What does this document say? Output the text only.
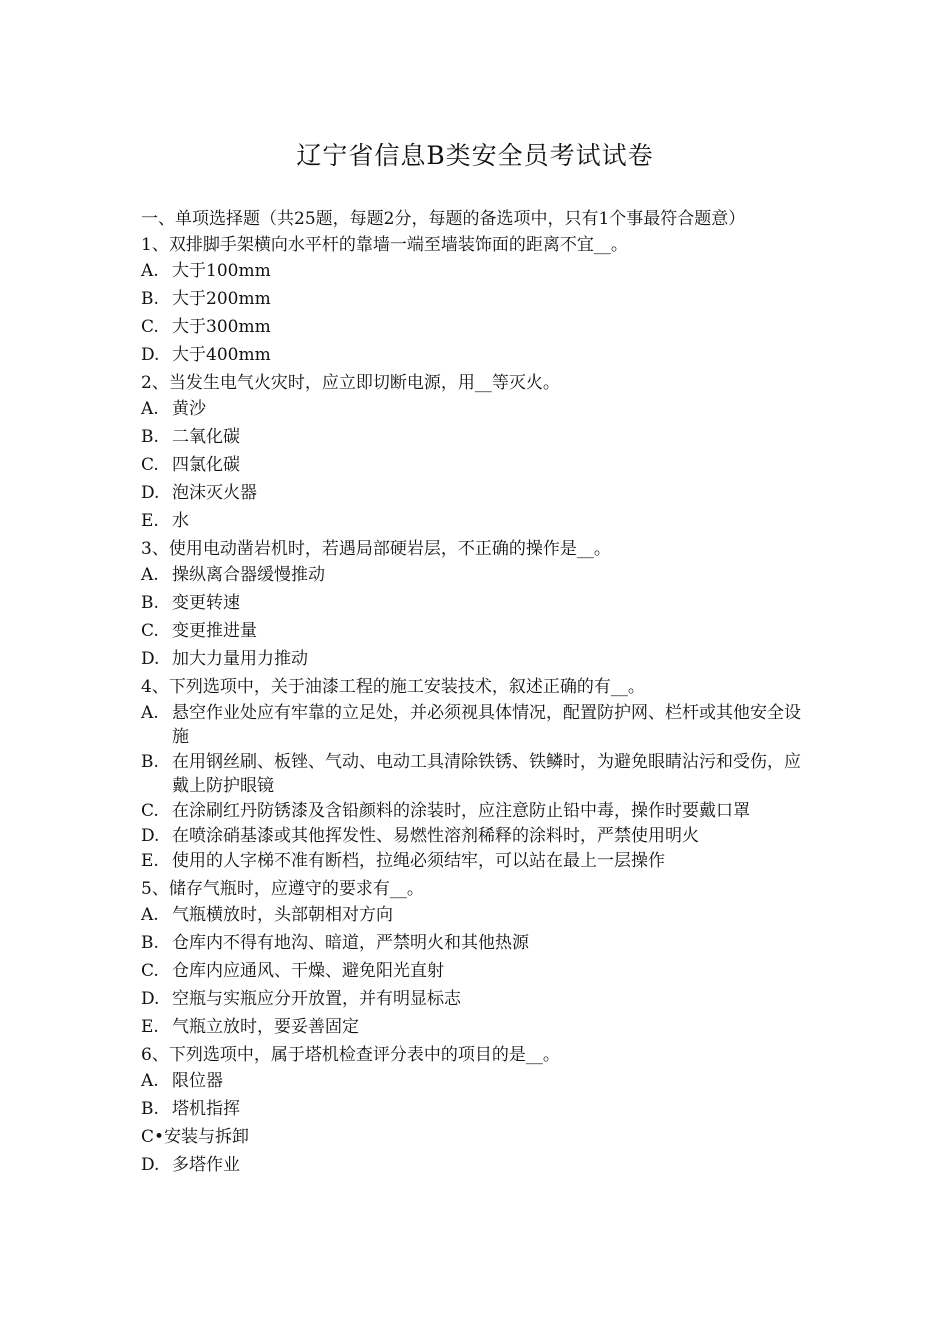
辽宁省信息B类安全员考试试卷

一、单项选择题（共25题，每题2分，每题的备选项中，只有1个事最符合题意）

1、双排脚手架横向水平杆的靠墙一端至墙装饰面的距离不宜__。

A. 大于100mm
B. 大于200mm
C. 大于300mm
D. 大于400mm

2、当发生电气火灾时，应立即切断电源，用__等灭火。

A. 黄沙
B. 二氧化碳
C. 四氯化碳
D. 泡沫灭火器
E. 水

3、使用电动凿岩机时，若遇局部硬岩层，不正确的操作是__。

A. 操纵离合器缓慢推动
B. 变更转速
C. 变更推进量
D. 加大力量用力推动

4、下列选项中，关于油漆工程的施工安装技术，叙述正确的有__。

A. 悬空作业处应有牢靠的立足处，并必须视具体情况，配置防护网、栏杆或其他安全设施
B. 在用钢丝刷、板锉、气动、电动工具清除铁锈、铁鳞时，为避免眼睛沾污和受伤，应戴上防护眼镜
C. 在涂刷红丹防锈漆及含铅颜料的涂装时，应注意防止铅中毒，操作时要戴口罩
D. 在喷涂硝基漆或其他挥发性、易燃性溶剂稀释的涂料时，严禁使用明火
E. 使用的人字梯不准有断档，拉绳必须结牢，可以站在最上一层操作

5、储存气瓶时，应遵守的要求有__。

A. 气瓶横放时，头部朝相对方向
B. 仓库内不得有地沟、暗道，严禁明火和其他热源
C. 仓库内应通风、干燥、避免阳光直射
D. 空瓶与实瓶应分开放置，并有明显标志
E. 气瓶立放时，要妥善固定

6、下列选项中，属于塔机检查评分表中的项目的是__。

A. 限位器
B. 塔机指挥
C• 安装与拆卸
D. 多塔作业
